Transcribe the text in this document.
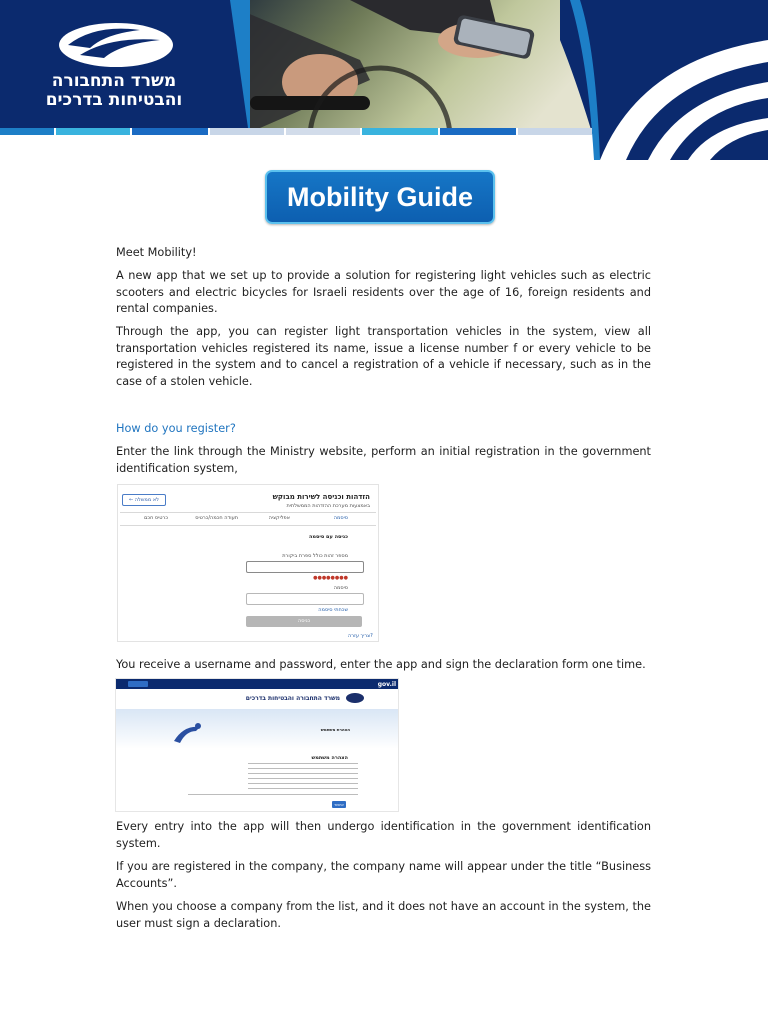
משרד התחבורה
והבטיחות בדרכים
Mobility Guide

Meet Mobility!

A new app that we set up to provide a solution for registering light vehicles such as electric scooters and electric bicycles for Israeli residents over the age of 16, foreign residents and rental companies.

Through the app, you can register light transportation vehicles in the system, view all transportation vehicles registered its name, issue a license number f or every vehicle to be registered in the system and to cancel a registration of a vehicle if necessary, such as in the case of a stolen vehicle.

How do you register?

Enter the link through the Ministry website, perform an initial registration in the government identification system,

הזדהות וכניסה לשירות מבוקש
באמצעות מערכת ההזדהות הממשלתית
← לא ממשלה
סיסמה
אפליקציה
תעודה חכמה/כרטיס
כרטיס חכם
כניסה עם סיסמה
מספר זהות כולל ספרת ביקורת
●●●●●●●●
סיסמה
שכחתי סיסמה
כניסה
צריך עזרה?

You receive a username and password, enter the app and sign the declaration form one time.

gov.il
משרד התחבורה והבטיחות בדרכים
הצהרת משתמש
הצהרה משתמש
אישור

Every entry into the app will then undergo identification in the government identification system.

If you are registered in the company, the company name will appear under the title “Business Accounts”.

When you choose a company from the list, and it does not have an account in the system, the user must sign a declaration.
